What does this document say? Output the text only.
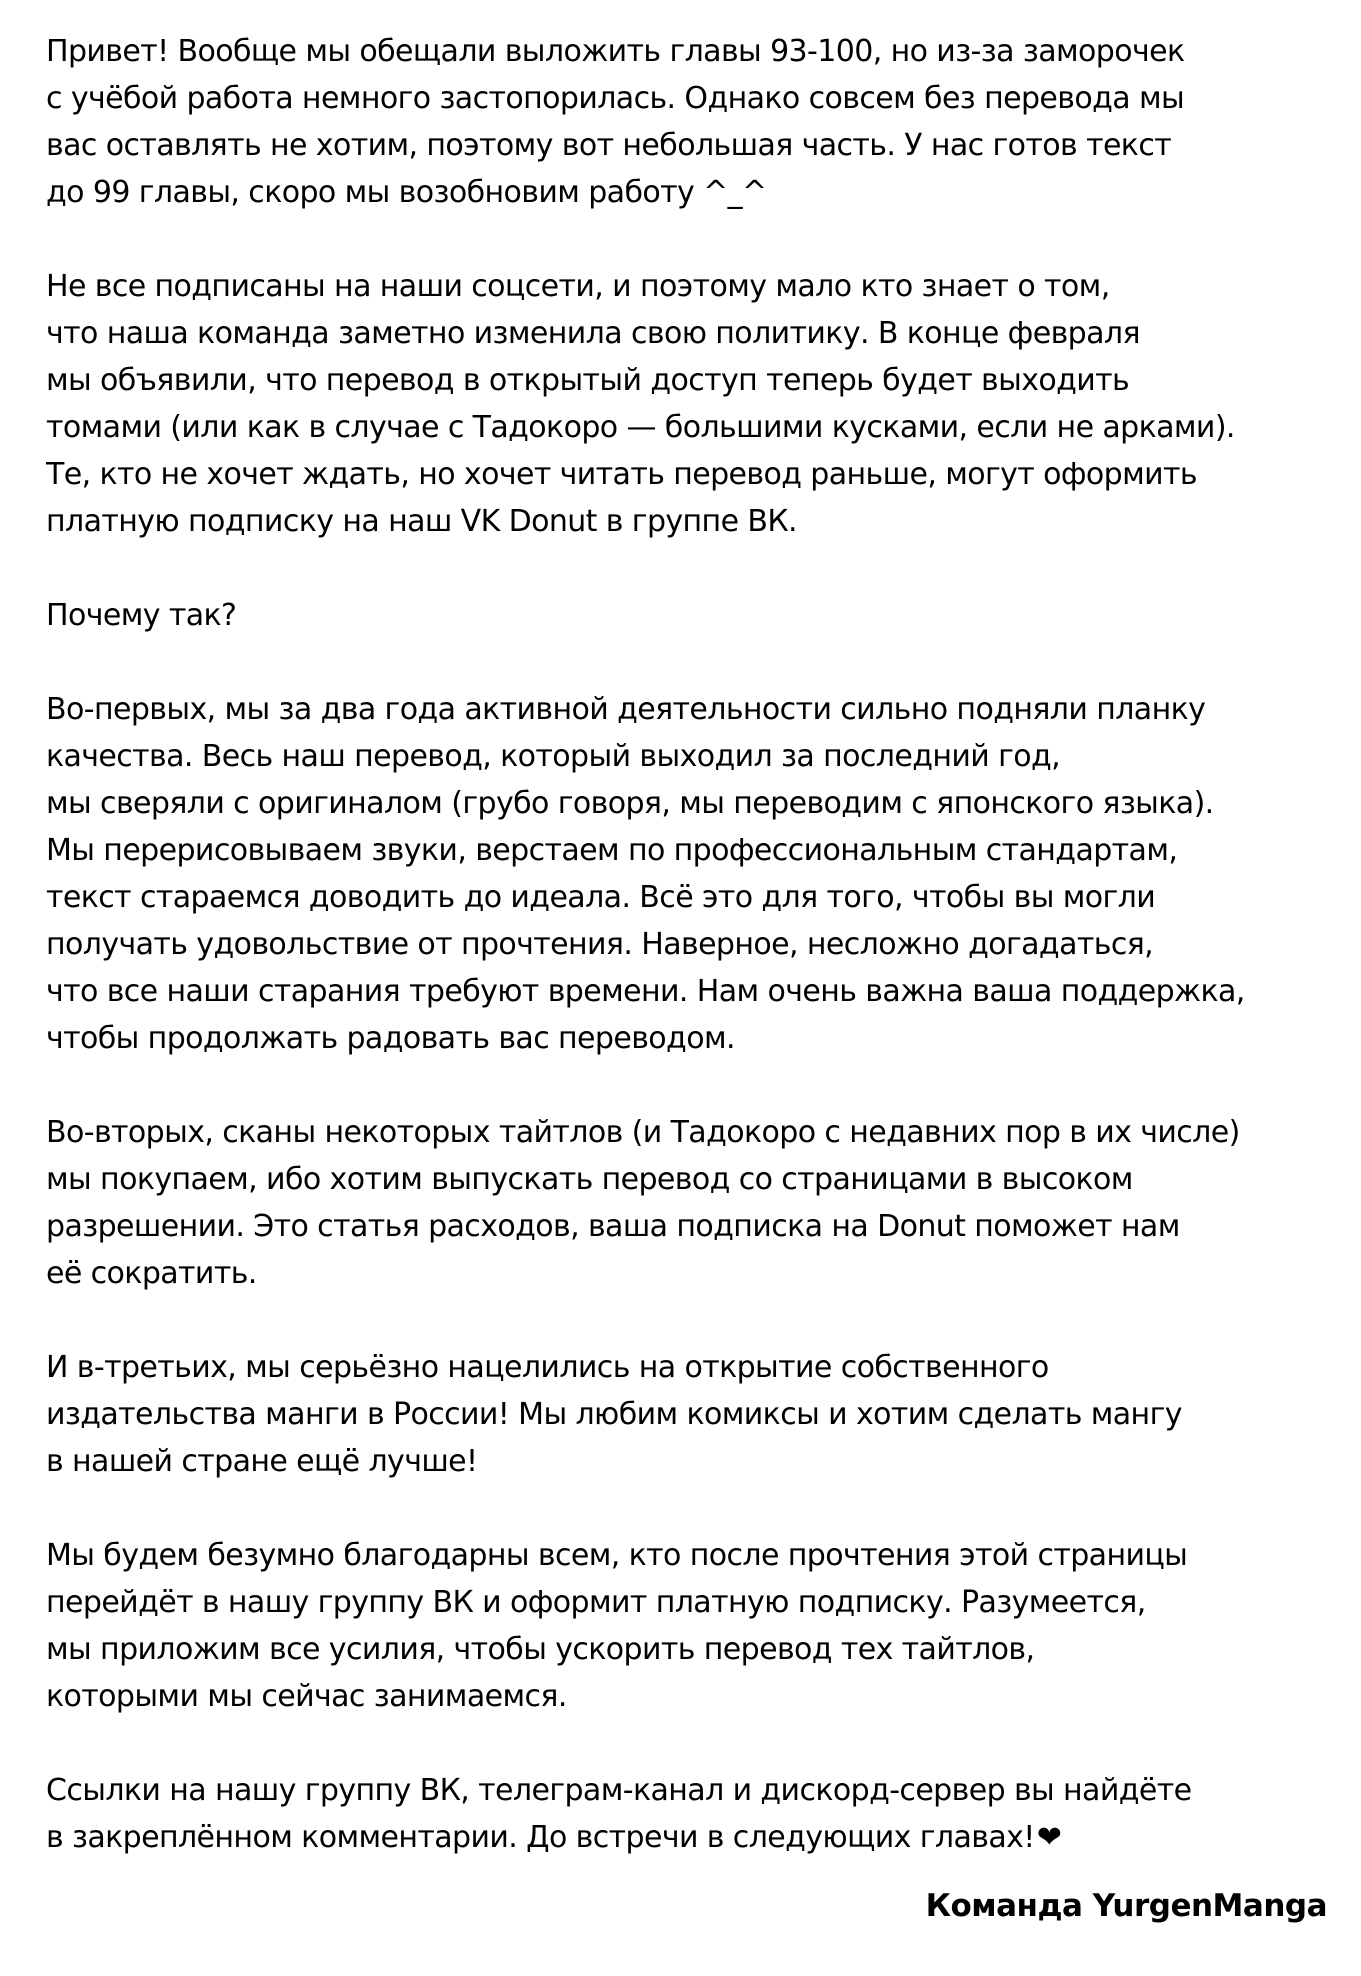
Привет! Вообще мы обещали выложить главы 93-100, но из-за заморочек
с учёбой работа немного застопорилась. Однако совсем без перевода мы
вас оставлять не хотим, поэтому вот небольшая часть. У нас готов текст
до 99 главы, скоро мы возобновим работу ^_^
Не все подписаны на наши соцсети, и поэтому мало кто знает о том,
что наша команда заметно изменила свою политику. В конце февраля
мы объявили, что перевод в открытый доступ теперь будет выходить
томами (или как в случае с Тадокоро — большими кусками, если не арками).
Те, кто не хочет ждать, но хочет читать перевод раньше, могут оформить
платную подписку на наш VK Donut в группе ВК.
Почему так?
Во-первых, мы за два года активной деятельности сильно подняли планку
качества. Весь наш перевод, который выходил за последний год,
мы сверяли с оригиналом (грубо говоря, мы переводим с японского языка).
Мы перерисовываем звуки, верстаем по профессиональным стандартам,
текст стараемся доводить до идеала. Всё это для того, чтобы вы могли
получать удовольствие от прочтения. Наверное, несложно догадаться,
что все наши старания требуют времени. Нам очень важна ваша поддержка,
чтобы продолжать радовать вас переводом.
Во-вторых, сканы некоторых тайтлов (и Тадокоро с недавних пор в их числе)
мы покупаем, ибо хотим выпускать перевод со страницами в высоком
разрешении. Это статья расходов, ваша подписка на Donut поможет нам
её сократить.
И в-третьих, мы серьёзно нацелились на открытие собственного
издательства манги в России! Мы любим комиксы и хотим сделать мангу
в нашей стране ещё лучше!
Мы будем безумно благодарны всем, кто после прочтения этой страницы
перейдёт в нашу группу ВК и оформит платную подписку. Разумеется,
мы приложим все усилия, чтобы ускорить перевод тех тайтлов,
которыми мы сейчас занимаемся.
Ссылки на нашу группу ВК, телеграм-канал и дискорд-сервер вы найдёте
в закреплённом комментарии. До встречи в следующих главах!❤
Команда YurgenManga
